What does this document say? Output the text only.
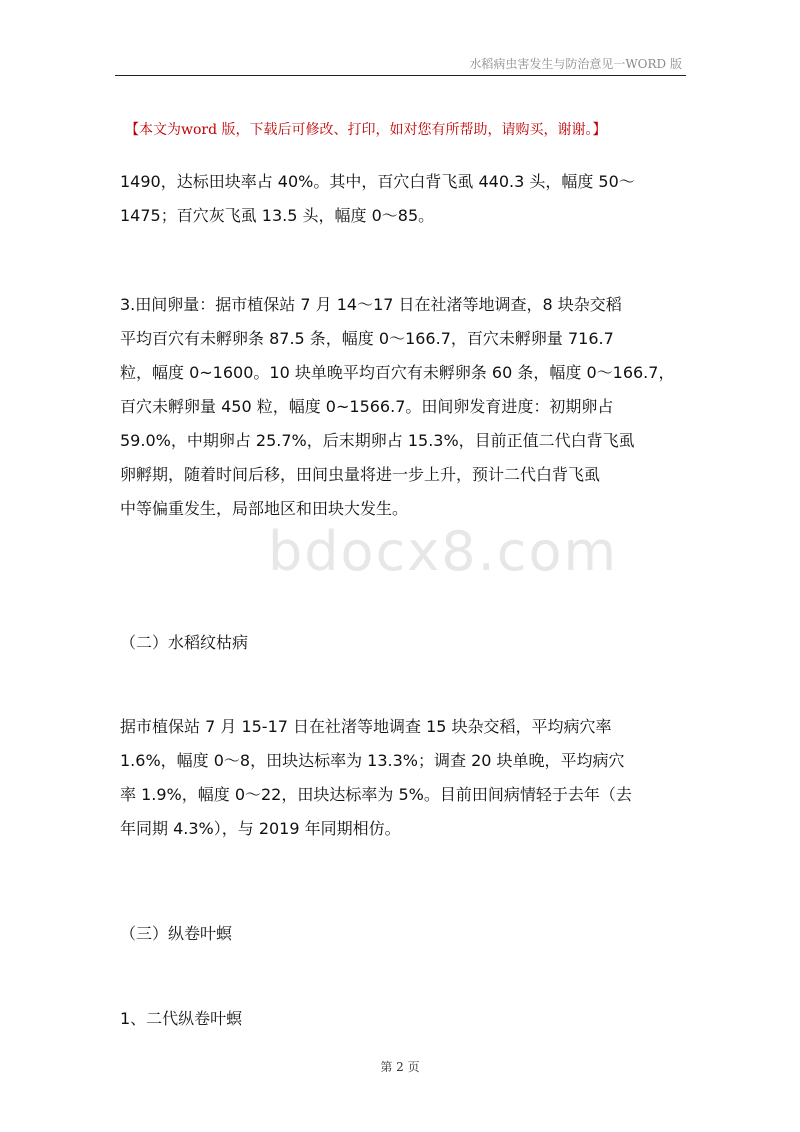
水稻病虫害发生与防治意见一WORD 版
【本文为word 版，下载后可修改、打印，如对您有所帮助，请购买，谢谢。】
1490，达标田块率占 40%。其中，百穴白背飞虱 440.3 头，幅度 50～
1475；百穴灰飞虱 13.5 头，幅度 0～85。
3.田间卵量：据市植保站 7 月 14～17 日在社渚等地调查，8 块杂交稻
平均百穴有未孵卵条 87.5 条，幅度 0～166.7，百穴未孵卵量 716.7
粒，幅度 0~1600。10 块单晚平均百穴有未孵卵条 60 条，幅度 0～166.7，
百穴未孵卵量 450 粒，幅度 0~1566.7。田间卵发育进度：初期卵占
59.0%，中期卵占 25.7%，后末期卵占 15.3%，目前正值二代白背飞虱
卵孵期，随着时间后移，田间虫量将进一步上升，预计二代白背飞虱
中等偏重发生，局部地区和田块大发生。
bdocx8.com
（二）水稻纹枯病
据市植保站 7 月 15-17 日在社渚等地调查 15 块杂交稻，平均病穴率
1.6%，幅度 0～8，田块达标率为 13.3%；调查 20 块单晚，平均病穴
率 1.9%，幅度 0～22，田块达标率为 5%。目前田间病情轻于去年（去
年同期 4.3%），与 2019 年同期相仿。
（三）纵卷叶螟
1、二代纵卷叶螟
第 2 页
